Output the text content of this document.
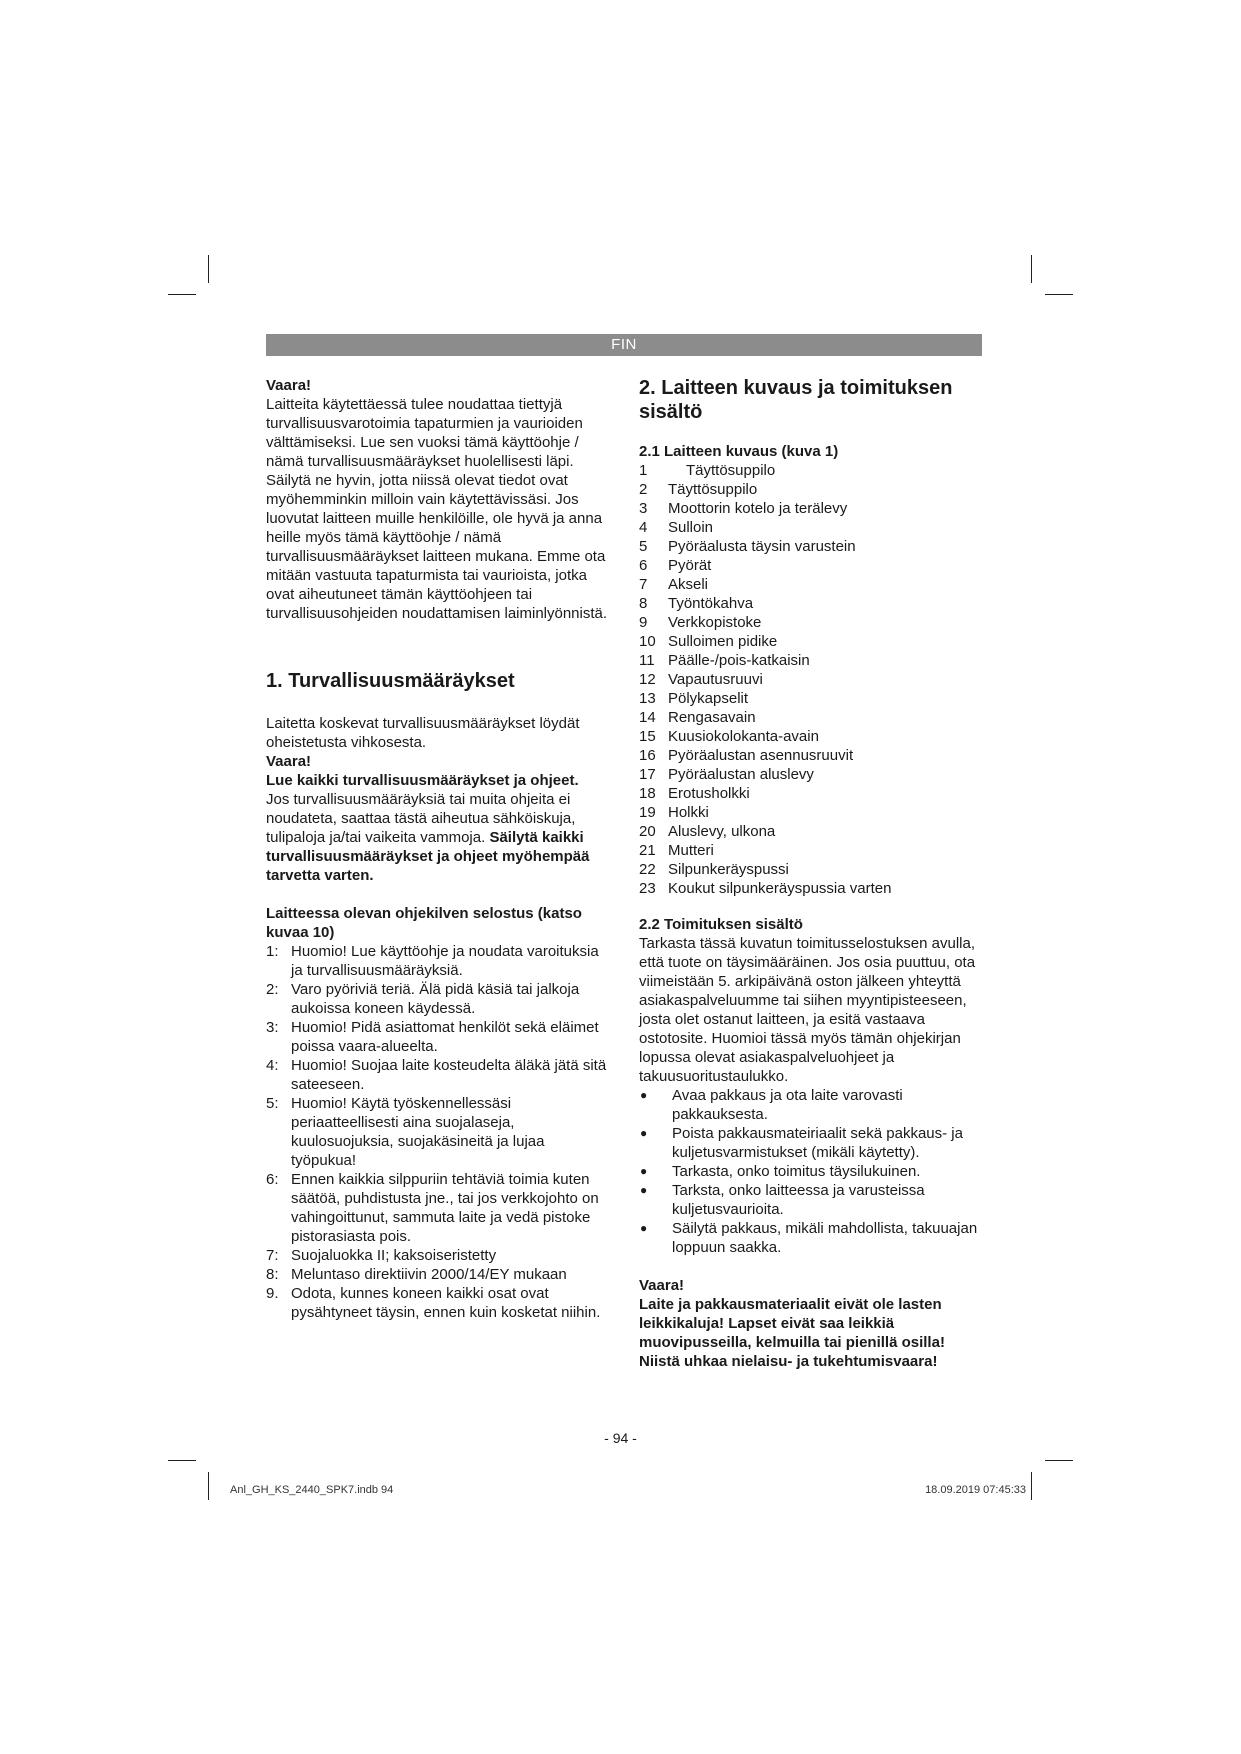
FIN

Vaara!

Laitteita käytettäessä tulee noudattaa tiettyjä turvallisuusvarotoimia tapaturmien ja vaurioiden välttämiseksi. Lue sen vuoksi tämä käyttöohje / nämä turvallisuusmääräykset huolellisesti läpi. Säilytä ne hyvin, jotta niissä olevat tiedot ovat myöhemminkin milloin vain käytettävissäsi. Jos luovutat laitteen muille henkilöille, ole hyvä ja anna heille myös tämä käyttöohje / nämä turvallisuusmääräykset laitteen mukana. Emme ota mitään vastuuta tapaturmista tai vaurioista, jotka ovat aiheutuneet tämän käyttöohjeen tai turvallisuusohjeiden noudattamisen laiminlyönnistä.

1. Turvallisuusmääräykset

Laitetta koskevat turvallisuusmääräykset löydät oheistetusta vihkosesta.

Vaara!

Lue kaikki turvallisuusmääräykset ja ohjeet.

Jos turvallisuusmääräyksiä tai muita ohjeita ei noudateta, saattaa tästä aiheutua sähköiskuja, tulipaloja ja/tai vaikeita vammoja. Säilytä kaikki turvallisuusmääräykset ja ohjeet myöhempää tarvetta varten.

Laitteessa olevan ohjekilven selostus (katso kuvaa 10)
1: Huomio! Lue käyttöohje ja noudata varoituksia ja turvallisuusmääräyksiä.
2: Varo pyöriviä teriä. Älä pidä käsiä tai jalkoja aukoissa koneen käydessä.
3: Huomio! Pidä asiattomat henkilöt sekä eläimet poissa vaara-alueelta.
4: Huomio! Suojaa laite kosteudelta äläkä jätä sitä sateeseen.
5: Huomio! Käytä työskennellessäsi periaatteellisesti aina suojalaseja, kuulosuojuksia, suojakäsineitä ja lujaa työpukua!
6: Ennen kaikkia silppuriin tehtäviä toimia kuten säätöä, puhdistusta jne., tai jos verkkojohto on vahingoittunut, sammuta laite ja vedä pistoke pistorasiasta pois.
7: Suojaluokka II; kaksoiseristetty
8: Meluntaso direktiivin 2000/14/EY mukaan
9. Odota, kunnes koneen kaikki osat ovat pysähtyneet täysin, ennen kuin kosketat niihin.
2. Laitteen kuvaus ja toimituksen sisältö
2.1 Laitteen kuvaus (kuva 1)
1	Täyttösuppilo
2	Täyttösuppilo
3	Moottorin kotelo ja terälevy
4	Sulloin
5	Pyöräalusta täysin varustein
6	Pyörät
7	Akseli
8	Työntökahva
9	Verkkopistoke
10 Sulloimen pidike
11 Päälle-/pois-katkaisin
12 Vapautusruuvi
13 Pölykapselit
14 Rengasavain
15 Kuusiokolokanta-avain
16 Pyöräalustan asennusruuvit
17 Pyöräalustan aluslevy
18 Erotusholkki
19 Holkki
20 Aluslevy, ulkona
21 Mutteri
22 Silpunkeräyspussi
23 Koukut silpunkeräyspussia varten
2.2 Toimituksen sisältö

Tarkasta tässä kuvatun toimitusselostuksen avulla, että tuote on täysimääräinen. Jos osia puuttuu, ota viimeistään 5. arkipäivänä oston jälkeen yhteyttä asiakaspalveluumme tai siihen myyntipisteeseen, josta olet ostanut laitteen, ja esitä vastaava ostotosite. Huomioi tässä myös tämän ohjekirjan lopussa olevat asiakaspalveluohjeet ja takuusuoritustaulukko.

●	Avaa pakkaus ja ota laite varovasti pakkauksesta.
●	Poista pakkausmateiriaalit sekä pakkaus- ja kuljetusvarmistukset (mikäli käytetty).
●	Tarkasta, onko toimitus täysilukuinen.
●	Tarksta, onko laitteessa ja varusteissa kuljetusvaurioita.
●	Säilytä pakkaus, mikäli mahdollista, takuuajan loppuun saakka.

Vaara!

Laite ja pakkausmateriaalit eivät ole lasten leikkikaluja! Lapset eivät saa leikkiä muovipusseilla, kelmuilla tai pienillä osilla! Niistä uhkaa nielaisu- ja tukehtumisvaara!

- 94 -
Anl_GH_KS_2440_SPK7.indb 94	18.09.2019 07:45:33
